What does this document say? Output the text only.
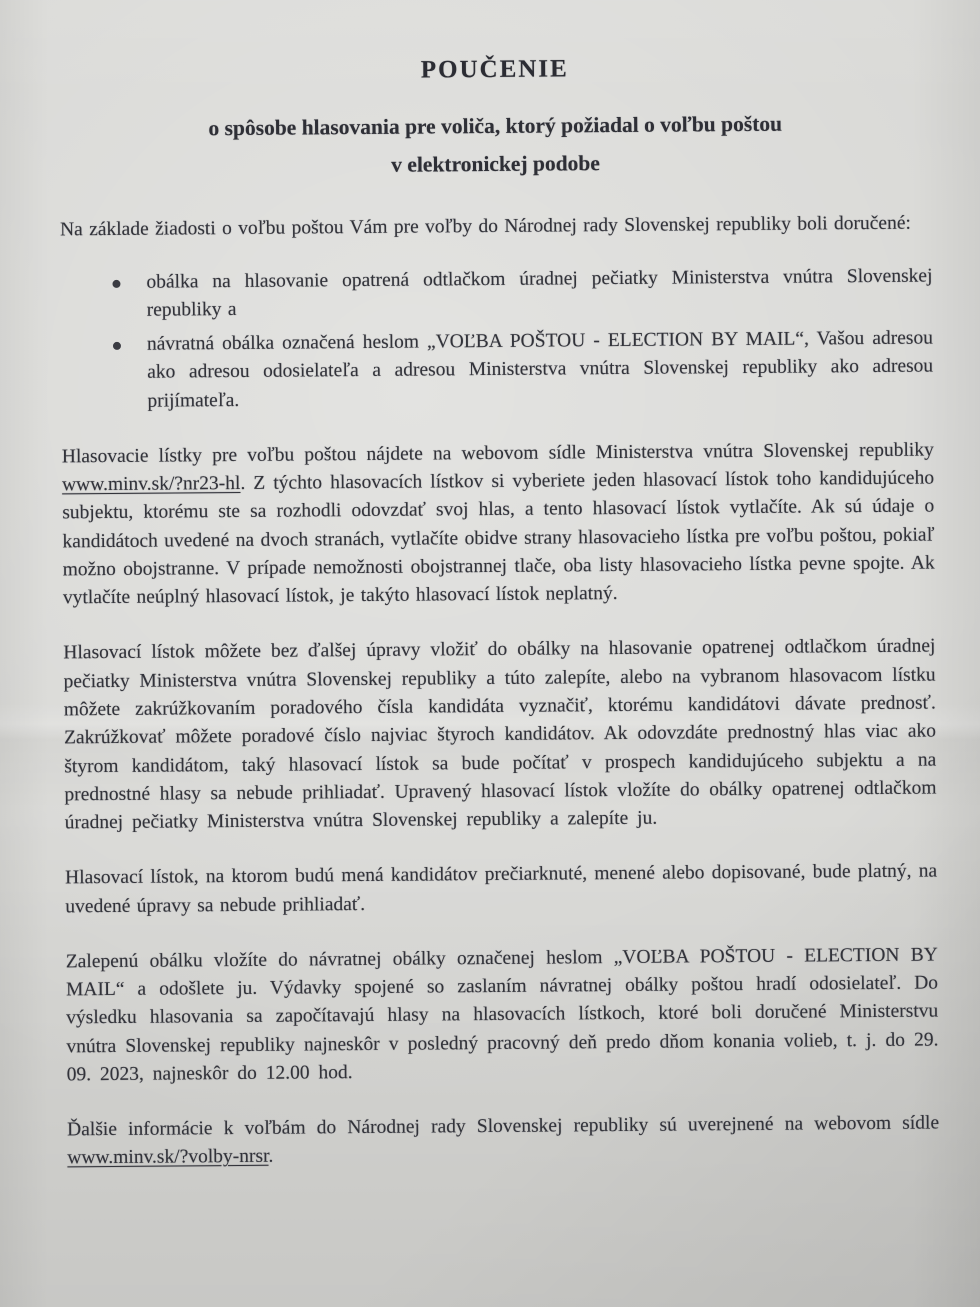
POUČENIE
o spôsobe hlasovania pre voliča, ktorý požiadal o voľbu poštou
v elektronickej podobe

Na základe žiadosti o voľbu poštou Vám pre voľby do Národnej rady Slovenskej republiky boli doručené:

obálka na hlasovanie opatrená odtlačkom úradnej pečiatky Ministerstva vnútra Slovenskej republiky a
návratná obálka označená heslom „VOĽBA POŠTOU - ELECTION BY MAIL“, Vašou adresou ako adresou odosielateľa a adresou Ministerstva vnútra Slovenskej republiky ako adresou prijímateľa.

Hlasovacie lístky pre voľbu poštou nájdete na webovom sídle Ministerstva vnútra Slovenskej republiky www.minv.sk/?nr23-hl. Z týchto hlasovacích lístkov si vyberiete jeden hlasovací lístok toho kandidujúceho subjektu, ktorému ste sa rozhodli odovzdať svoj hlas, a tento hlasovací lístok vytlačíte. Ak sú údaje o kandidátoch uvedené na dvoch stranách, vytlačíte obidve strany hlasovacieho lístka pre voľbu poštou, pokiaľ možno obojstranne. V prípade nemožnosti obojstrannej tlače, oba listy hlasovacieho lístka pevne spojte. Ak vytlačíte neúplný hlasovací lístok, je takýto hlasovací lístok neplatný.

Hlasovací lístok môžete bez ďalšej úpravy vložiť do obálky na hlasovanie opatrenej odtlačkom úradnej pečiatky Ministerstva vnútra Slovenskej republiky a túto zalepíte, alebo na vybranom hlasovacom lístku môžete zakrúžkovaním poradového čísla kandidáta vyznačiť, ktorému kandidátovi dávate prednosť. Zakrúžkovať môžete poradové číslo najviac štyroch kandidátov. Ak odovzdáte prednostný hlas viac ako štyrom kandidátom, taký hlasovací lístok sa bude počítať v prospech kandidujúceho subjektu a na prednostné hlasy sa nebude prihliadať. Upravený hlasovací lístok vložíte do obálky opatrenej odtlačkom úradnej pečiatky Ministerstva vnútra Slovenskej republiky a zalepíte ju.

Hlasovací lístok, na ktorom budú mená kandidátov prečiarknuté, menené alebo dopisované, bude platný, na uvedené úpravy sa nebude prihliadať.

Zalepenú obálku vložíte do návratnej obálky označenej heslom „VOĽBA POŠTOU - ELECTION BY MAIL“ a odošlete ju. Výdavky spojené so zaslaním návratnej obálky poštou hradí odosielateľ. Do výsledku hlasovania sa započítavajú hlasy na hlasovacích lístkoch, ktoré boli doručené Ministerstvu vnútra Slovenskej republiky najneskôr v posledný pracovný deň predo dňom konania volieb, t. j. do 29. 09. 2023, najneskôr do 12.00 hod.

Ďalšie informácie k voľbám do Národnej rady Slovenskej republiky sú uverejnené na webovom sídle www.minv.sk/?volby-nrsr.
